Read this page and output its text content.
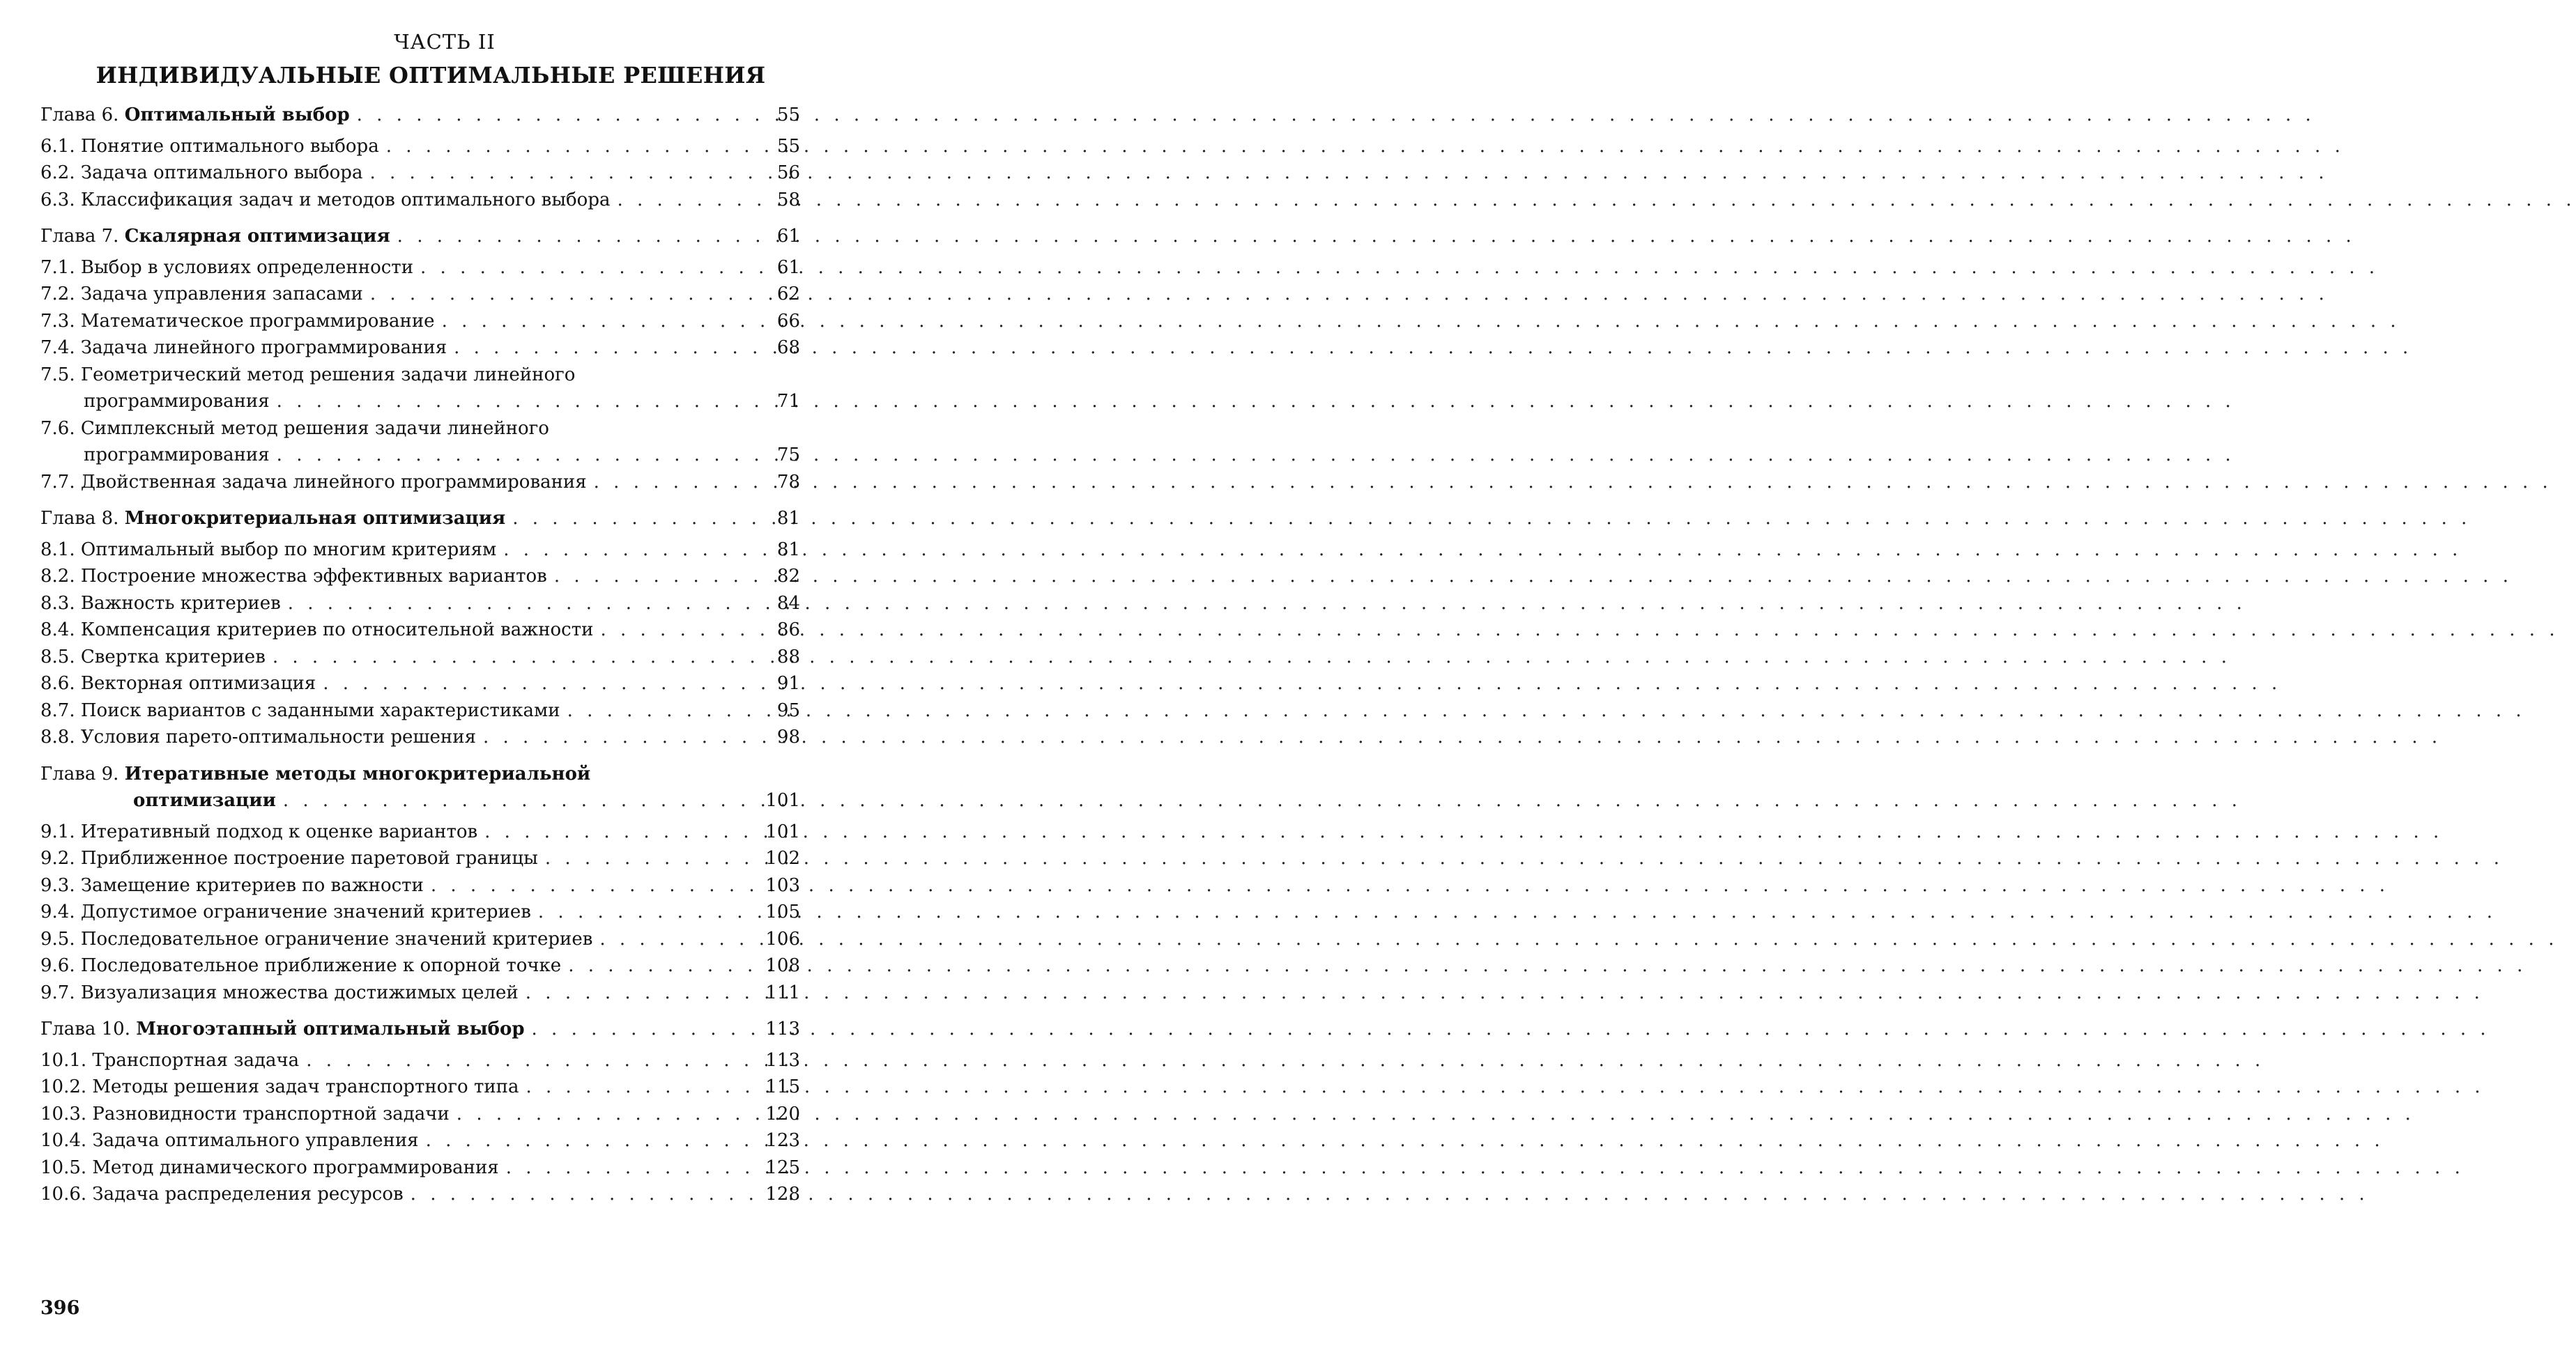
ЧАСТЬ II
ИНДИВИДУАЛЬНЫЕ ОПТИМАЛЬНЫЕ РЕШЕНИЯ
Глава 6. Оптимальный выбор . . .	55
6.1. Понятие оптимального выбора . . .	55
6.2. Задача оптимального выбора . . .	56
6.3. Классификация задач и методов оптимального выбора . . .	58
Глава 7. Скалярная оптимизация . . .	61
7.1. Выбор в условиях определенности . . .	61
7.2. Задача управления запасами . . .	62
7.3. Математическое программирование . . .	66
7.4. Задача линейного программирования . . .	68
7.5. Геометрический метод решения задачи линейного
программирования . . .	71
7.6. Симплексный метод решения задачи линейного
программирования . . .	75
7.7. Двойственная задача линейного программирования . . .	78
Глава 8. Многокритериальная оптимизация . . .	81
8.1. Оптимальный выбор по многим критериям . . .	81
8.2. Построение множества эффективных вариантов . . .	82
8.3. Важность критериев . . .	84
8.4. Компенсация критериев по относительной важности . . .	86
8.5. Свертка критериев . . .	88
8.6. Векторная оптимизация . . .	91
8.7. Поиск вариантов с заданными характеристиками . . .	95
8.8. Условия парето-оптимальности решения . . .	98
Глава 9. Итеративные методы многокритериальной
оптимизации . . .	101
9.1. Итеративный подход к оценке вариантов . . .	101
9.2. Приближенное построение паретовой границы . . .	102
9.3. Замещение критериев по важности . . .	103
9.4. Допустимое ограничение значений критериев . . .	105
9.5. Последовательное ограничение значений критериев . . .	106
9.6. Последовательное приближение к опорной точке . . .	108
9.7. Визуализация множества достижимых целей . . .	111
Глава 10. Многоэтапный оптимальный выбор . . .	113
10.1. Транспортная задача . . .	113
10.2. Методы решения задач транспортного типа . . .	115
10.3. Разновидности транспортной задачи . . .	120
10.4. Задача оптимального управления . . .	123
10.5. Метод динамического программирования . . .	125
10.6. Задача распределения ресурсов . . .	128
396
